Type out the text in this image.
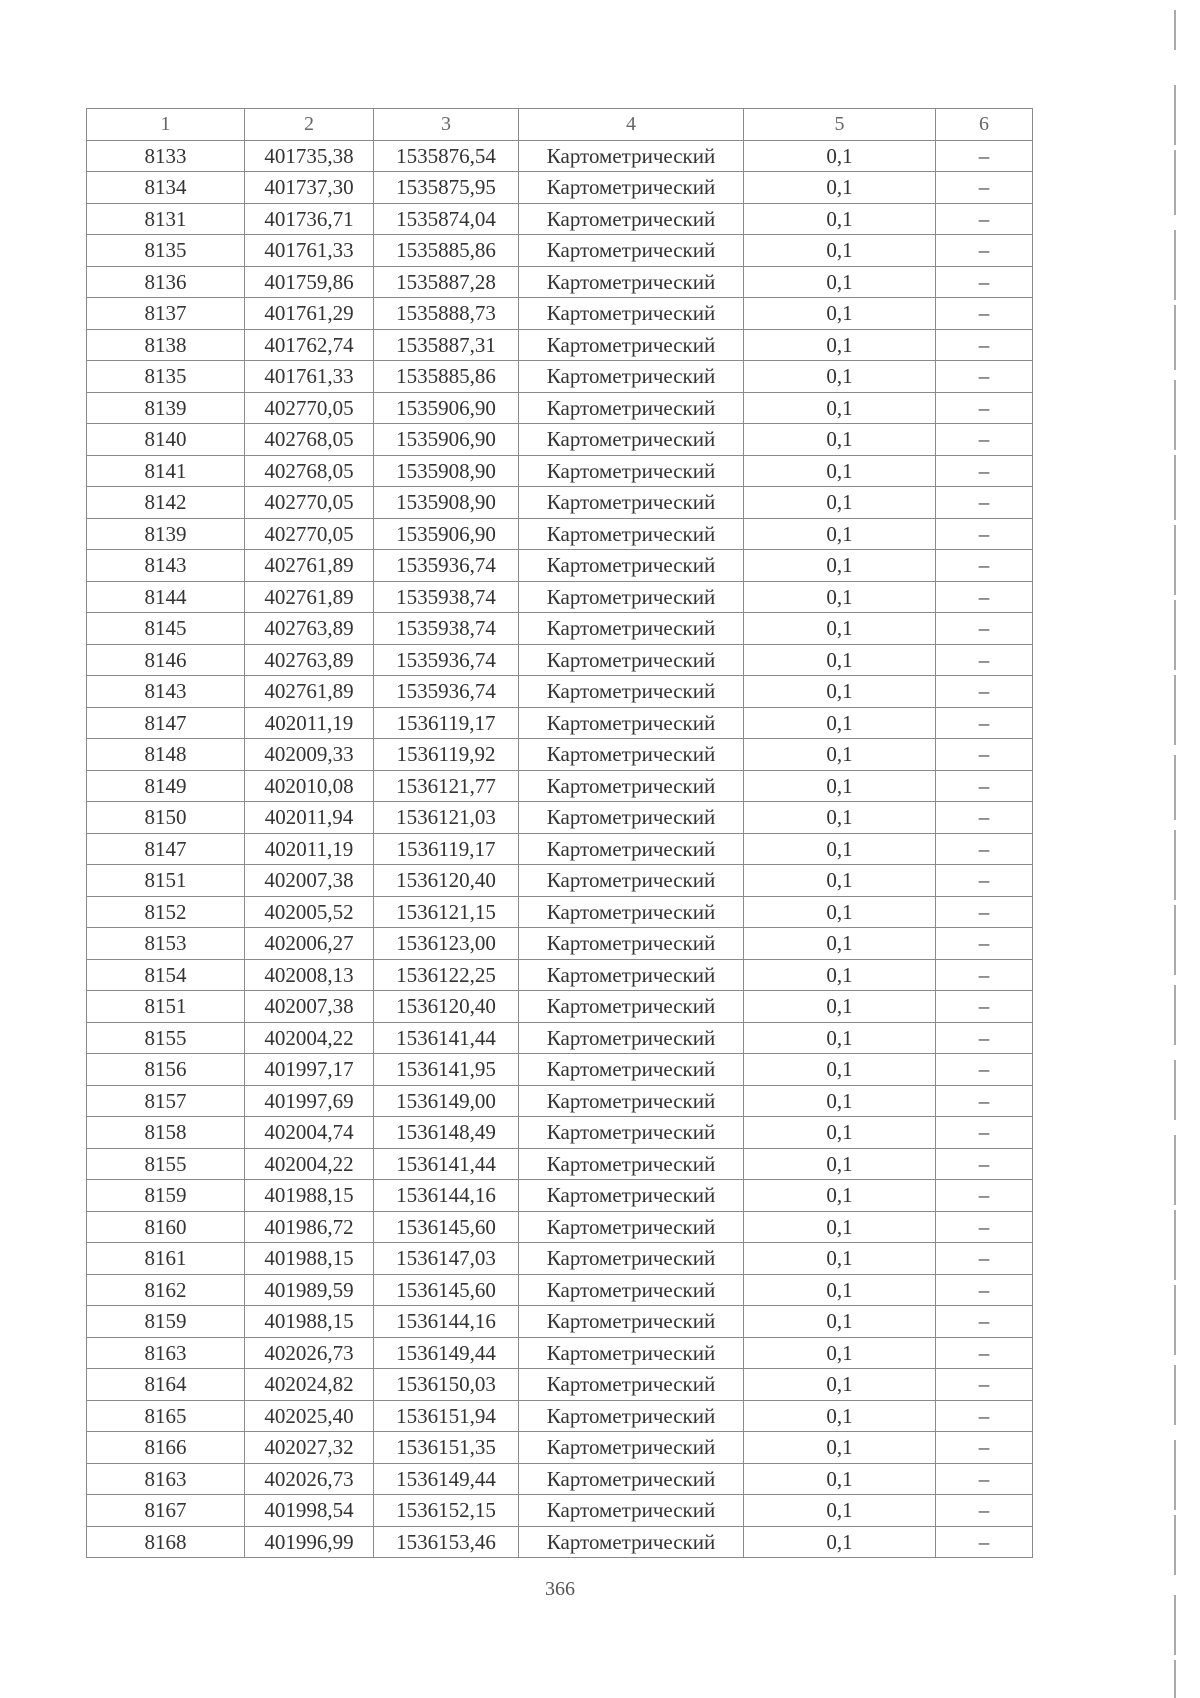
1	2	3	4	5	6
8133	401735,38	1535876,54	Картометрический	0,1	–
8134	401737,30	1535875,95	Картометрический	0,1	–
8131	401736,71	1535874,04	Картометрический	0,1	–
8135	401761,33	1535885,86	Картометрический	0,1	–
8136	401759,86	1535887,28	Картометрический	0,1	–
8137	401761,29	1535888,73	Картометрический	0,1	–
8138	401762,74	1535887,31	Картометрический	0,1	–
8135	401761,33	1535885,86	Картометрический	0,1	–
8139	402770,05	1535906,90	Картометрический	0,1	–
8140	402768,05	1535906,90	Картометрический	0,1	–
8141	402768,05	1535908,90	Картометрический	0,1	–
8142	402770,05	1535908,90	Картометрический	0,1	–
8139	402770,05	1535906,90	Картометрический	0,1	–
8143	402761,89	1535936,74	Картометрический	0,1	–
8144	402761,89	1535938,74	Картометрический	0,1	–
8145	402763,89	1535938,74	Картометрический	0,1	–
8146	402763,89	1535936,74	Картометрический	0,1	–
8143	402761,89	1535936,74	Картометрический	0,1	–
8147	402011,19	1536119,17	Картометрический	0,1	–
8148	402009,33	1536119,92	Картометрический	0,1	–
8149	402010,08	1536121,77	Картометрический	0,1	–
8150	402011,94	1536121,03	Картометрический	0,1	–
8147	402011,19	1536119,17	Картометрический	0,1	–
8151	402007,38	1536120,40	Картометрический	0,1	–
8152	402005,52	1536121,15	Картометрический	0,1	–
8153	402006,27	1536123,00	Картометрический	0,1	–
8154	402008,13	1536122,25	Картометрический	0,1	–
8151	402007,38	1536120,40	Картометрический	0,1	–
8155	402004,22	1536141,44	Картометрический	0,1	–
8156	401997,17	1536141,95	Картометрический	0,1	–
8157	401997,69	1536149,00	Картометрический	0,1	–
8158	402004,74	1536148,49	Картометрический	0,1	–
8155	402004,22	1536141,44	Картометрический	0,1	–
8159	401988,15	1536144,16	Картометрический	0,1	–
8160	401986,72	1536145,60	Картометрический	0,1	–
8161	401988,15	1536147,03	Картометрический	0,1	–
8162	401989,59	1536145,60	Картометрический	0,1	–
8159	401988,15	1536144,16	Картометрический	0,1	–
8163	402026,73	1536149,44	Картометрический	0,1	–
8164	402024,82	1536150,03	Картометрический	0,1	–
8165	402025,40	1536151,94	Картометрический	0,1	–
8166	402027,32	1536151,35	Картометрический	0,1	–
8163	402026,73	1536149,44	Картометрический	0,1	–
8167	401998,54	1536152,15	Картометрический	0,1	–
8168	401996,99	1536153,46	Картометрический	0,1	–
366
